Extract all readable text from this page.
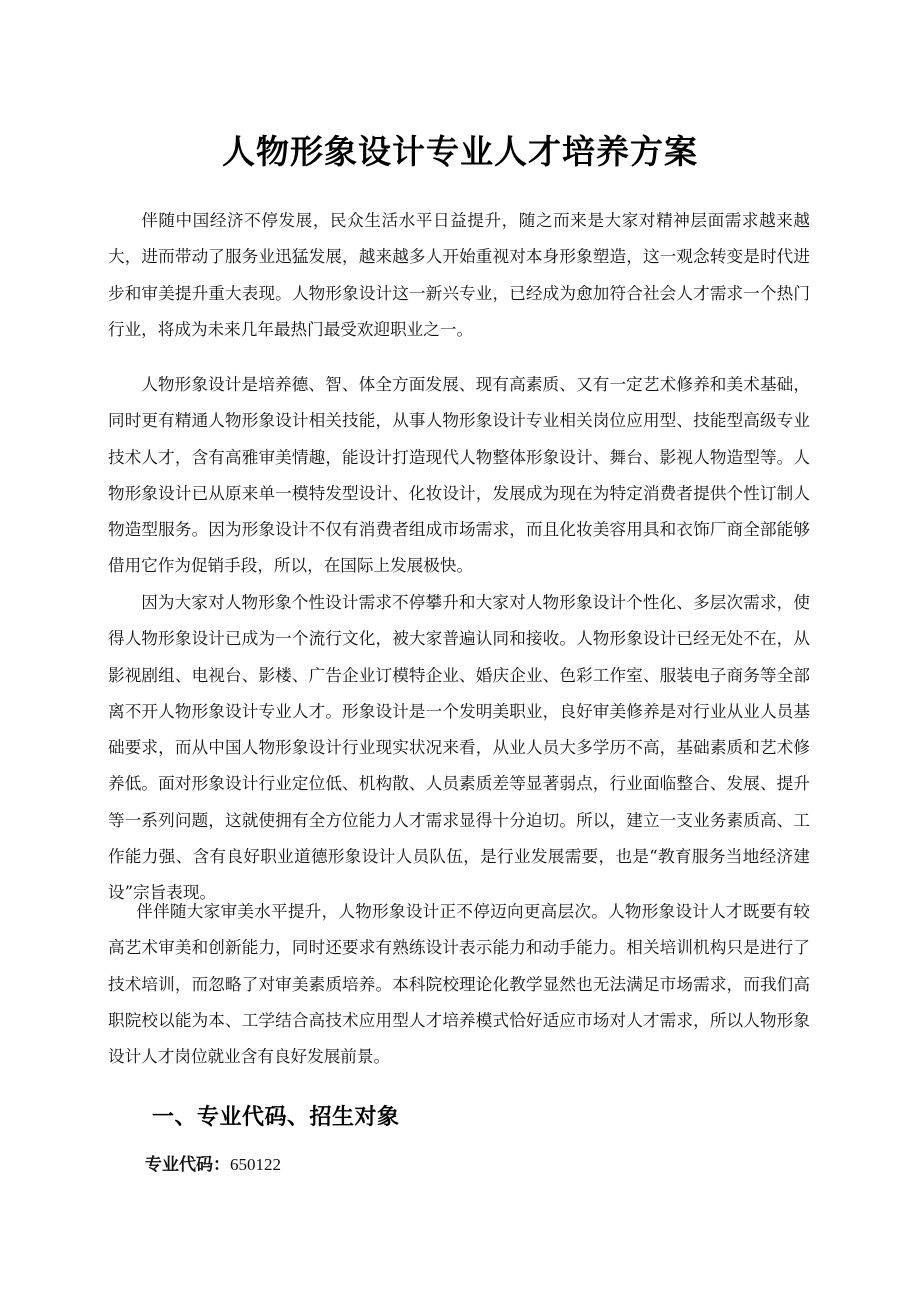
人物形象设计专业人才培养方案

伴随中国经济不停发展，民众生活水平日益提升，随之而来是大家对精神层面需求越来越大，进而带动了服务业迅猛发展，越来越多人开始重视对本身形象塑造，这一观念转变是时代进步和审美提升重大表现。人物形象设计这一新兴专业，已经成为愈加符合社会人才需求一个热门行业，将成为未来几年最热门最受欢迎职业之一。

人物形象设计是培养德、智、体全方面发展、现有高素质、又有一定艺术修养和美术基础，同时更有精通人物形象设计相关技能，从事人物形象设计专业相关岗位应用型、技能型高级专业技术人才，含有高雅审美情趣，能设计打造现代人物整体形象设计、舞台、影视人物造型等。人物形象设计已从原来单一模特发型设计、化妆设计，发展成为现在为特定消费者提供个性订制人物造型服务。因为形象设计不仅有消费者组成市场需求，而且化妆美容用具和衣饰厂商全部能够借用它作为促销手段，所以，在国际上发展极快。

因为大家对人物形象个性设计需求不停攀升和大家对人物形象设计个性化、多层次需求，使得人物形象设计已成为一个流行文化，被大家普遍认同和接收。人物形象设计已经无处不在，从影视剧组、电视台、影楼、广告企业订模特企业、婚庆企业、色彩工作室、服装电子商务等全部离不开人物形象设计专业人才。形象设计是一个发明美职业，良好审美修养是对行业从业人员基础要求，而从中国人物形象设计行业现实状况来看，从业人员大多学历不高，基础素质和艺术修养低。面对形象设计行业定位低、机构散、人员素质差等显著弱点，行业面临整合、发展、提升等一系列问题，这就使拥有全方位能力人才需求显得十分迫切。所以，建立一支业务素质高、工作能力强、含有良好职业道德形象设计人员队伍，是行业发展需要，也是“教育服务当地经济建设”宗旨表现。

伴伴随大家审美水平提升，人物形象设计正不停迈向更高层次。人物形象设计人才既要有较高艺术审美和创新能力，同时还要求有熟练设计表示能力和动手能力。相关培训机构只是进行了技术培训，而忽略了对审美素质培养。本科院校理论化教学显然也无法满足市场需求，而我们高职院校以能为本、工学结合高技术应用型人才培养模式恰好适应市场对人才需求，所以人物形象设计人才岗位就业含有良好发展前景。

一、专业代码、招生对象
专业代码：650122
